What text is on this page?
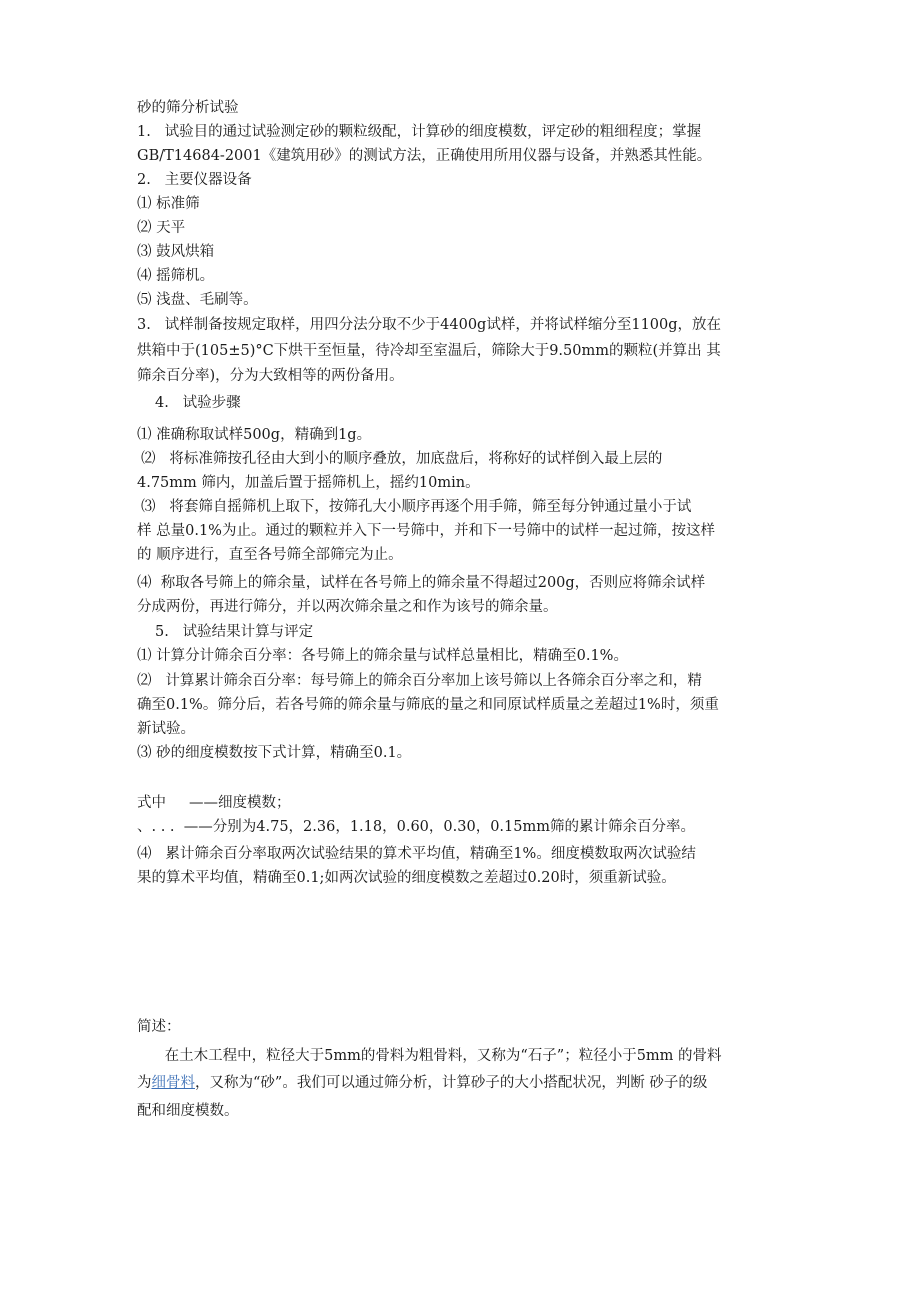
砂的筛分析试验

1.   试验目的通过试验测定砂的颗粒级配，计算砂的细度模数，评定砂的粗细程度；掌握

GB/T14684-2001《建筑用砂》的测试方法，正确使用所用仪器与设备，并熟悉其性能。

2.   主要仪器设备

⑴ 标准筛

⑵ 天平

⑶ 鼓风烘箱

⑷ 摇筛机。

⑸ 浅盘、毛刷等。

3.   试样制备按规定取样，用四分法分取不少于4400g试样，并将试样缩分至1100g，放在

烘箱中于(105±5)°C下烘干至恒量，待冷却至室温后，筛除大于9.50mm的颗粒(并算出 其

筛余百分率)，分为大致相等的两份备用。

4.   试验步骤

⑴ 准确称取试样500g，精确到1g。

⑵   将标准筛按孔径由大到小的顺序叠放，加底盘后，将称好的试样倒入最上层的

4.75mm 筛内，加盖后置于摇筛机上，摇约10min。

⑶   将套筛自摇筛机上取下，按筛孔大小顺序再逐个用手筛，筛至每分钟通过量小于试

样 总量0.1%为止。通过的颗粒并入下一号筛中，并和下一号筛中的试样一起过筛，按这样

的 顺序进行，直至各号筛全部筛完为止。

⑷  称取各号筛上的筛余量，试样在各号筛上的筛余量不得超过200g，否则应将筛余试样

分成两份，再进行筛分，并以两次筛余量之和作为该号的筛余量。

5.   试验结果计算与评定

⑴ 计算分计筛余百分率：各号筛上的筛余量与试样总量相比，精确至0.1%。

⑵   计算累计筛余百分率：每号筛上的筛余百分率加上该号筛以上各筛余百分率之和，精

确至0.1%。筛分后，若各号筛的筛余量与筛底的量之和同原试样质量之差超过1%时，须重

新试验。

⑶ 砂的细度模数按下式计算，精确至0.1。

式中     ——细度模数；

、. . .  ——分别为4.75，2.36，1.18，0.60，0.30，0.15mm筛的累计筛余百分率。

⑷   累计筛余百分率取两次试验结果的算术平均值，精确至1%。细度模数取两次试验结

果的算术平均值，精确至0.1;如两次试验的细度模数之差超过0.20时，须重新试验。

简述：

在土木工程中，粒径大于5mm的骨料为粗骨料，又称为“石子”；粒径小于5mm 的骨料

为细骨料，又称为“砂”。我们可以通过筛分析，计算砂子的大小搭配状况，判断 砂子的级

配和细度模数。
